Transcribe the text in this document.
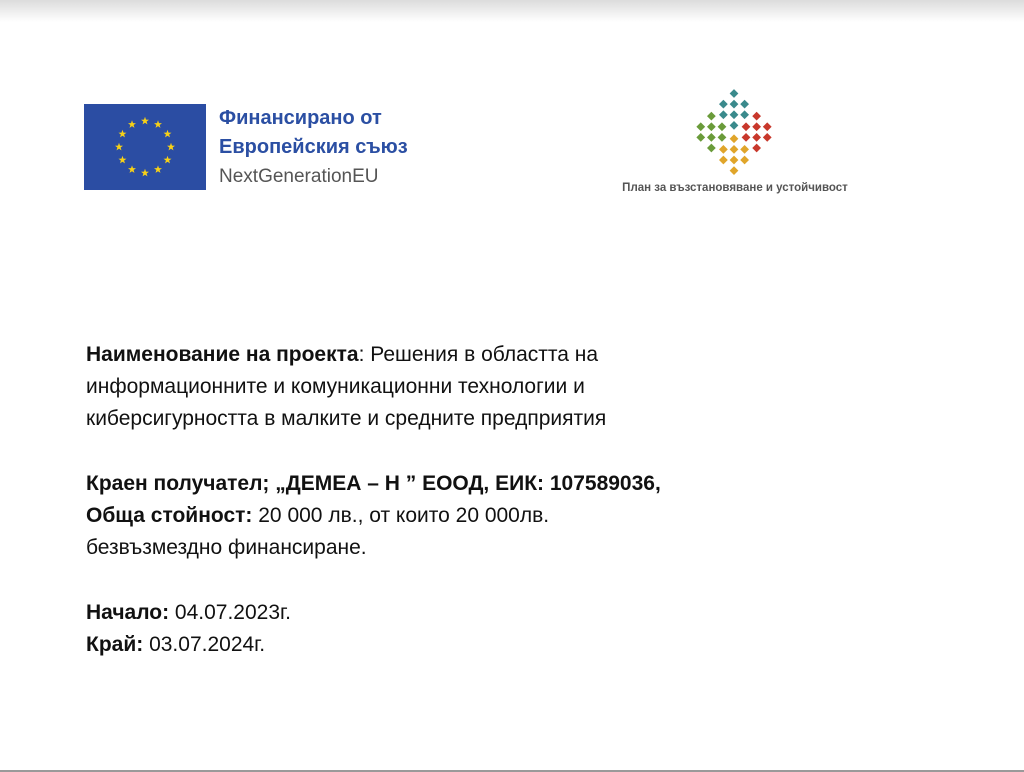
Финансирано от
Европейския съюз
NextGenerationEU
План за възстановяване и устойчивост

Наименование на проекта: Решения в областта на
информационните и комуникационни технологии и
киберсигурността в малките и средните предприятия

Краен получател; „ДЕМЕА – Н ” ЕООД, ЕИК: 107589036,
Обща стойност: 20 000 лв., от които 20 000лв.
безвъзмездно финансиране.

Начало: 04.07.2023г.
Край: 03.07.2024г.
